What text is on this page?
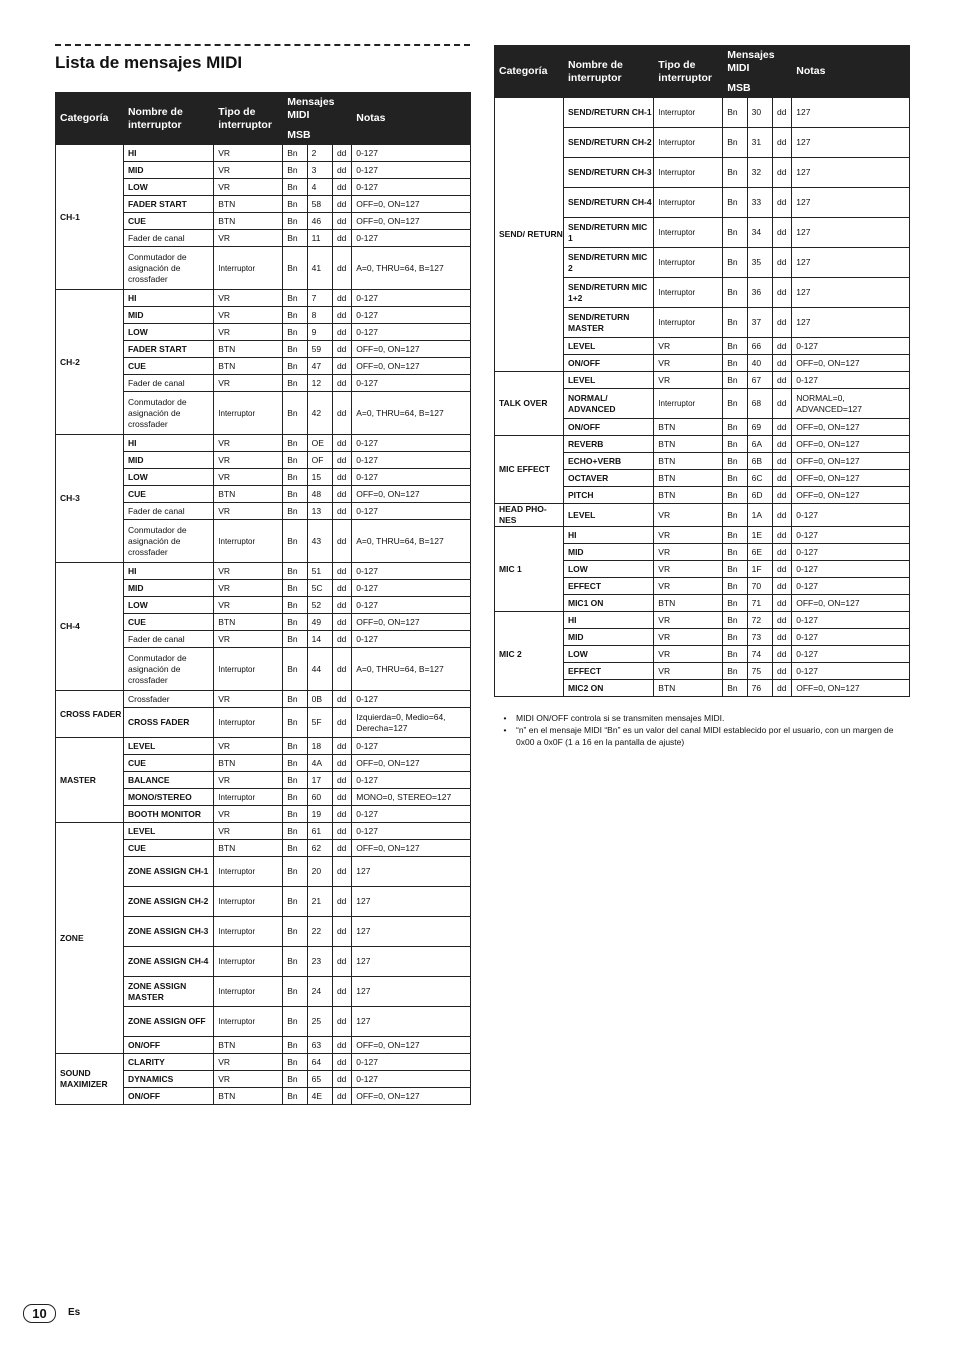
Lista de mensajes MIDI
Categoría	Nombre de interruptor	Tipo de interruptor	Mensajes MIDI			Notas
			MSB			
CH-1	HI	VR	Bn	2	dd	0-127
	MID	VR	Bn	3	dd	0-127
	LOW	VR	Bn	4	dd	0-127
	FADER START	BTN	Bn	58	dd	OFF=0, ON=127
	CUE	BTN	Bn	46	dd	OFF=0, ON=127
	Fader de canal	VR	Bn	11	dd	0-127
	Conmutador de asignación de crossfader	Interruptor	Bn	41	dd	A=0, THRU=64, B=127
CH-2	HI	VR	Bn	7	dd	0-127
	MID	VR	Bn	8	dd	0-127
	LOW	VR	Bn	9	dd	0-127
	FADER START	BTN	Bn	59	dd	OFF=0, ON=127
	CUE	BTN	Bn	47	dd	OFF=0, ON=127
	Fader de canal	VR	Bn	12	dd	0-127
	Conmutador de asignación de crossfader	Interruptor	Bn	42	dd	A=0, THRU=64, B=127
CH-3	HI	VR	Bn	OE	dd	0-127
	MID	VR	Bn	OF	dd	0-127
	LOW	VR	Bn	15	dd	0-127
	CUE	BTN	Bn	48	dd	OFF=0, ON=127
	Fader de canal	VR	Bn	13	dd	0-127
	Conmutador de asignación de crossfader	Interruptor	Bn	43	dd	A=0, THRU=64, B=127
CH-4	HI	VR	Bn	51	dd	0-127
	MID	VR	Bn	5C	dd	0-127
	LOW	VR	Bn	52	dd	0-127
	CUE	BTN	Bn	49	dd	OFF=0, ON=127
	Fader de canal	VR	Bn	14	dd	0-127
	Conmutador de asignación de crossfader	Interruptor	Bn	44	dd	A=0, THRU=64, B=127
CROSS FADER	Crossfader	VR	Bn	0B	dd	0-127
	CROSS FADER	Interruptor	Bn	5F	dd	Izquierda=0, Medio=64, Derecha=127
MASTER	LEVEL	VR	Bn	18	dd	0-127
	CUE	BTN	Bn	4A	dd	OFF=0, ON=127
	BALANCE	VR	Bn	17	dd	0-127
	MONO/STEREO	Interruptor	Bn	60	dd	MONO=0, STEREO=127
	BOOTH MONITOR	VR	Bn	19	dd	0-127
ZONE	LEVEL	VR	Bn	61	dd	0-127
	CUE	BTN	Bn	62	dd	OFF=0, ON=127
	ZONE ASSIGN CH-1	Interruptor	Bn	20	dd	127
	ZONE ASSIGN CH-2	Interruptor	Bn	21	dd	127
	ZONE ASSIGN CH-3	Interruptor	Bn	22	dd	127
	ZONE ASSIGN CH-4	Interruptor	Bn	23	dd	127
	ZONE ASSIGN MASTER	Interruptor	Bn	24	dd	127
	ZONE ASSIGN OFF	Interruptor	Bn	25	dd	127
	ON/OFF	BTN	Bn	63	dd	OFF=0, ON=127
SOUND MAXIMIZER	CLARITY	VR	Bn	64	dd	0-127
	DYNAMICS	VR	Bn	65	dd	0-127
	ON/OFF	BTN	Bn	4E	dd	OFF=0, ON=127
Categoría	Nombre de interruptor	Tipo de interruptor	Mensajes MIDI			Notas
			MSB			
SEND/ RETURN	SEND/RETURN CH-1	Interruptor	Bn	30	dd	127
	SEND/RETURN CH-2	Interruptor	Bn	31	dd	127
	SEND/RETURN CH-3	Interruptor	Bn	32	dd	127
	SEND/RETURN CH-4	Interruptor	Bn	33	dd	127
	SEND/RETURN MIC 1	Interruptor	Bn	34	dd	127
	SEND/RETURN MIC 2	Interruptor	Bn	35	dd	127
	SEND/RETURN MIC 1+2	Interruptor	Bn	36	dd	127
	SEND/RETURN MASTER	Interruptor	Bn	37	dd	127
	LEVEL	VR	Bn	66	dd	0-127
	ON/OFF	VR	Bn	40	dd	OFF=0, ON=127
TALK OVER	LEVEL	VR	Bn	67	dd	0-127
	NORMAL/ ADVANCED	Interruptor	Bn	68	dd	NORMAL=0, ADVANCED=127
	ON/OFF	BTN	Bn	69	dd	OFF=0, ON=127
MIC EFFECT	REVERB	BTN	Bn	6A	dd	OFF=0, ON=127
	ECHO+VERB	BTN	Bn	6B	dd	OFF=0, ON=127
	OCTAVER	BTN	Bn	6C	dd	OFF=0, ON=127
	PITCH	BTN	Bn	6D	dd	OFF=0, ON=127
HEAD PHO- NES	LEVEL	VR	Bn	1A	dd	0-127
MIC 1	HI	VR	Bn	1E	dd	0-127
	MID	VR	Bn	6E	dd	0-127
	LOW	VR	Bn	1F	dd	0-127
	EFFECT	VR	Bn	70	dd	0-127
	MIC1 ON	BTN	Bn	71	dd	OFF=0, ON=127
MIC 2	HI	VR	Bn	72	dd	0-127
	MID	VR	Bn	73	dd	0-127
	LOW	VR	Bn	74	dd	0-127
	EFFECT	VR	Bn	75	dd	0-127
	MIC2 ON	BTN	Bn	76	dd	OFF=0, ON=127
•	MIDI ON/OFF controla si se transmiten mensajes MIDI.
•	“n” en el mensaje MIDI “Bn” es un valor del canal MIDI establecido por el usuario, con un margen de 0x00 a 0x0F (1 a 16 en la pantalla de ajuste)
10	Es
